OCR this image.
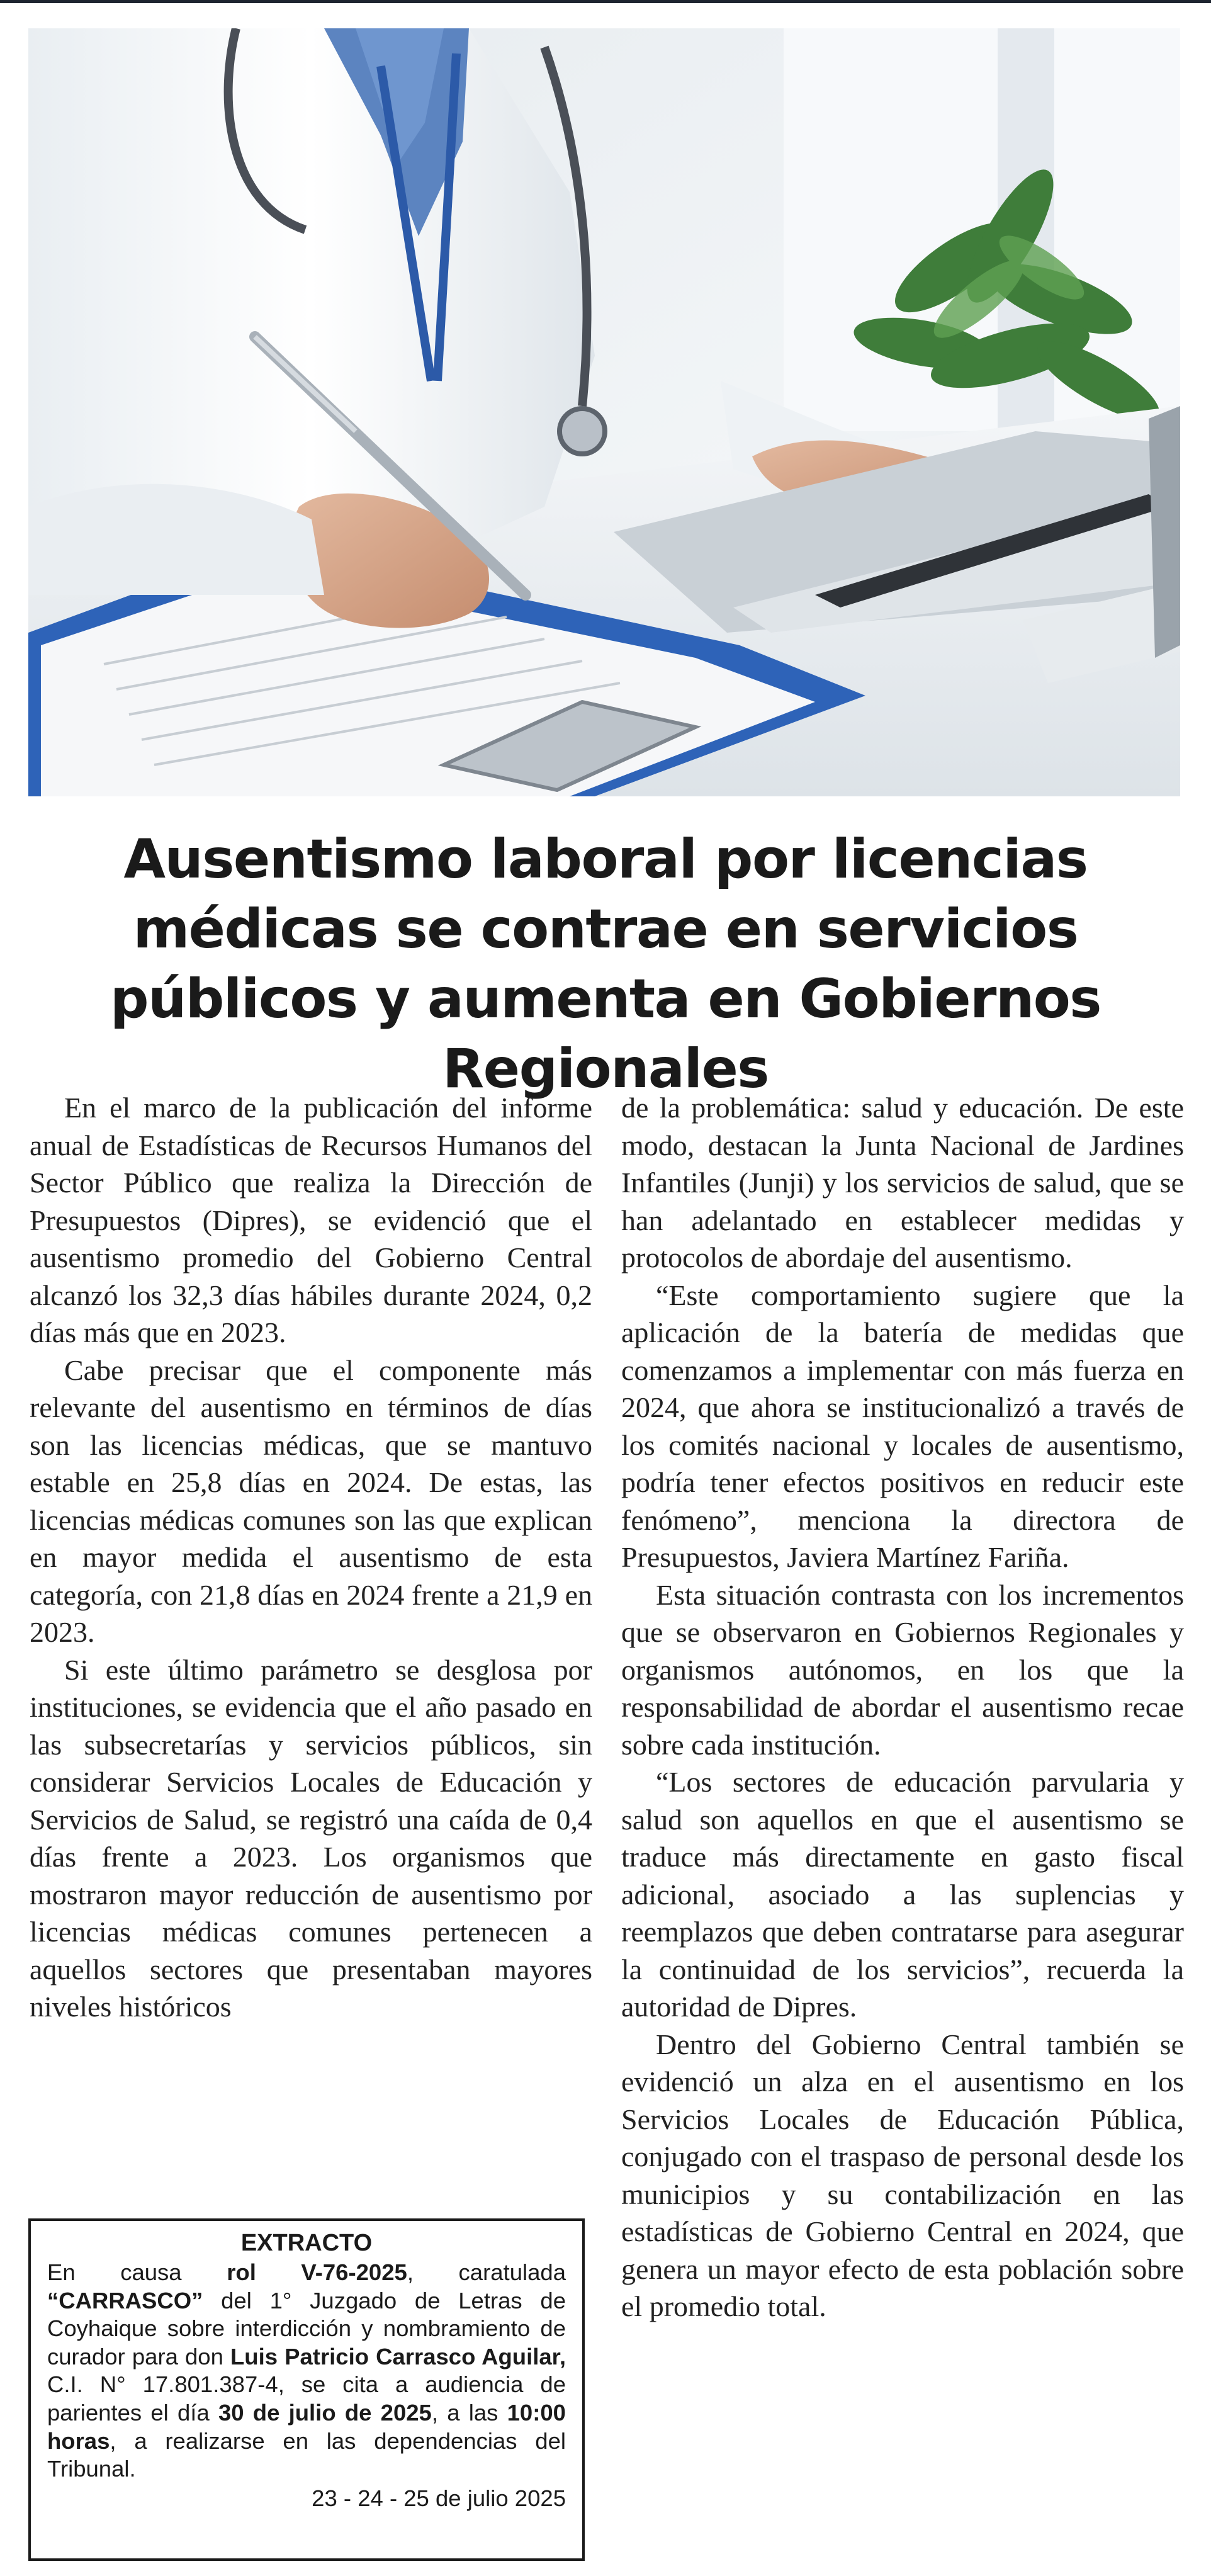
Ausentismo laboral por licencias médicas se contrae en servicios públicos y aumenta en Gobiernos Regionales

En el marco de la publicación del informe anual de Estadísticas de Recursos Humanos del Sector Público que realiza la Dirección de Presupuestos (Dipres), se evidenció que el ausentismo promedio del Gobierno Central alcanzó los 32,3 días hábiles durante 2024, 0,2 días más que en 2023.

Cabe precisar que el componente más relevante del ausentismo en términos de días son las licencias médicas, que se mantuvo estable en 25,8 días en 2024. De estas, las licencias médicas comunes son las que explican en mayor medida el ausentismo de esta categoría, con 21,8 días en 2024 frente a 21,9 en 2023.

Si este último parámetro se desglosa por instituciones, se evidencia que el año pasado en las subsecretarías y servicios públicos, sin considerar Servicios Locales de Educación y Servicios de Salud, se registró una caída de 0,4 días frente a 2023. Los organismos que mostraron mayor reducción de ausentismo por licencias médicas comunes pertenecen a aquellos sectores que presentaban mayores niveles históricos

de la problemática: salud y educación. De este modo, destacan la Junta Nacional de Jardines Infantiles (Junji) y los servicios de salud, que se han adelantado en establecer medidas y protocolos de abordaje del ausentismo.

“Este comportamiento sugiere que la aplicación de la batería de medidas que comenzamos a implementar con más fuerza en 2024, que ahora se institucionalizó a través de los comités nacional y locales de ausentismo, podría tener efectos positivos en reducir este fenómeno”, menciona la directora de Presupuestos, Javiera Martínez Fariña.

Esta situación contrasta con los incrementos que se observaron en Gobiernos Regionales y organismos autónomos, en los que la responsabilidad de abordar el ausentismo recae sobre cada institución.

“Los sectores de educación parvularia y salud son aquellos en que el ausentismo se traduce más directamente en gasto fiscal adicional, asociado a las suplencias y reemplazos que deben contratarse para asegurar la continuidad de los servicios”, recuerda la autoridad de Dipres.

Dentro del Gobierno Central también se evidenció un alza en el ausentismo en los Servicios Locales de Educación Pública, conjugado con el traspaso de personal desde los municipios y su contabilización en las estadísticas de Gobierno Central en 2024, que genera un mayor efecto de esta población sobre el promedio total.

EXTRACTO

En causa rol V-76-2025, caratulada “CARRASCO” del 1° Juzgado de Letras de Coyhaique sobre interdicción y nombramiento de curador para don Luis Patricio Carrasco Aguilar, C.I. N° 17.801.387-4, se cita a audiencia de parientes el día 30 de julio de 2025, a las 10:00 horas, a realizarse en las dependencias del Tribunal.

23 - 24 - 25 de julio 2025
